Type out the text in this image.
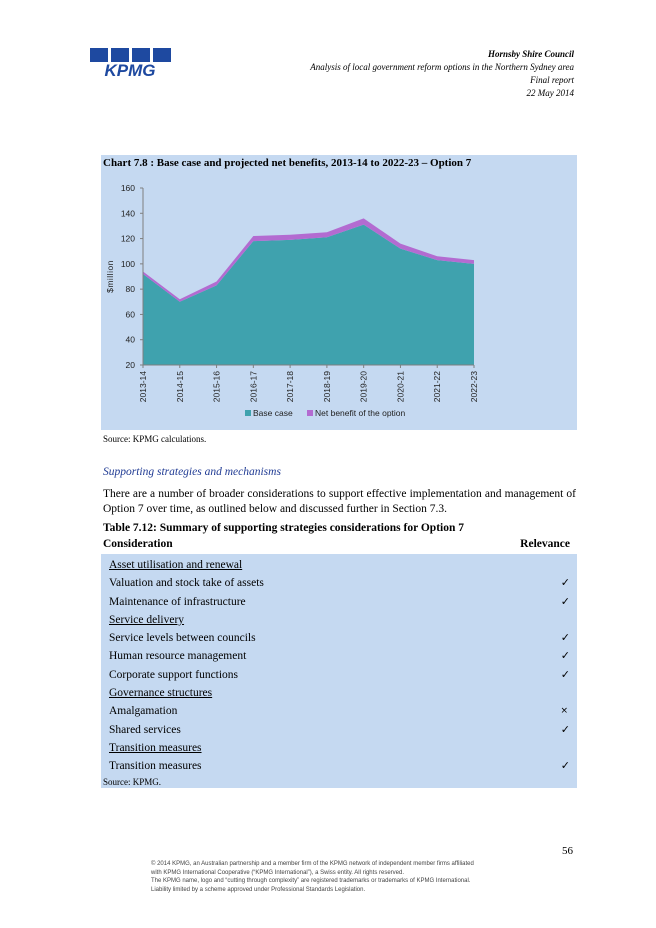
KPMG
Hornsby Shire Council
Analysis of local government reform options in the Northern Sydney area
Final report
22 May 2014
Chart 7.8 : Base case and projected net benefits, 2013-14 to 2022-23 – Option 7
20
40
60
80
100
120
140
160
$million
2013-14	2014-15	2015-16	2016-17	2017-18	2018-19	2019-20	2020-21	2021-22	2022-23
Base case	Net benefit of the option
Source: KPMG calculations.
Supporting strategies and mechanisms
There are a number of broader considerations to support effective implementation and management of Option 7 over time, as outlined below and discussed further in Section 7.3.
Table 7.12: Summary of supporting strategies considerations for Option 7
Consideration	Relevance
Asset utilisation and renewal
Valuation and stock take of assets	✓
Maintenance of infrastructure	✓
Service delivery
Service levels between councils	✓
Human resource management	✓
Corporate support functions	✓
Governance structures
Amalgamation	×
Shared services	✓
Transition measures
Transition measures	✓
Source: KPMG.
56
© 2014 KPMG, an Australian partnership and a member firm of the KPMG network of independent member firms affiliated
with KPMG International Cooperative (“KPMG International”), a Swiss entity. All rights reserved.
The KPMG name, logo and “cutting through complexity” are registered trademarks or trademarks of KPMG International.
Liability limited by a scheme approved under Professional Standards Legislation.
